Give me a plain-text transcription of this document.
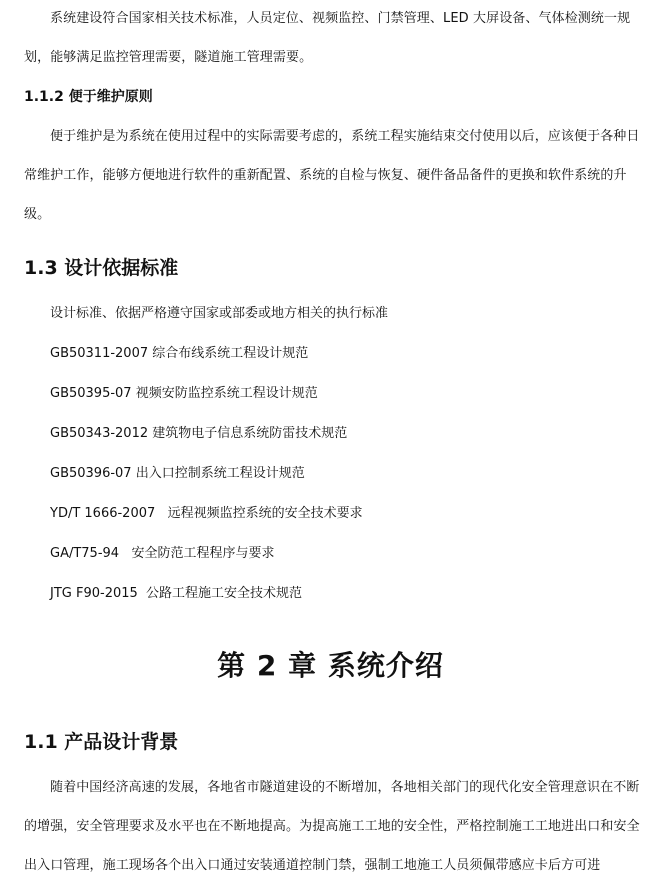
系统建设符合国家相关技术标准，人员定位、视频监控、门禁管理、LED 大屏设备、气体检测统一规划，能够满足监控管理需要，隧道施工管理需要。

1.1.2 便于维护原则

便于维护是为系统在使用过程中的实际需要考虑的，系统工程实施结束交付使用以后，应该便于各种日常维护工作，能够方便地进行软件的重新配置、系统的自检与恢复、硬件备品备件的更换和软件系统的升级。

1.3 设计依据标准
设计标准、依据严格遵守国家或部委或地方相关的执行标准
GB50311-2007 综合布线系统工程设计规范
GB50395-07 视频安防监控系统工程设计规范
GB50343-2012 建筑物电子信息系统防雷技术规范
GB50396-07 出入口控制系统工程设计规范
YD/T 1666-2007   远程视频监控系统的安全技术要求
GA/T75-94   安全防范工程程序与要求
JTG F90-2015  公路工程施工安全技术规范
第 2 章 系统介绍
1.1 产品设计背景

随着中国经济高速的发展，各地省市隧道建设的不断增加，各地相关部门的现代化安全管理意识在不断的增强，安全管理要求及水平也在不断地提高。为提高施工工地的安全性，严格控制施工工地进出口和安全出入口管理，施工现场各个出入口通过安装通道控制门禁，强制工地施工人员须佩带感应卡后方可进
